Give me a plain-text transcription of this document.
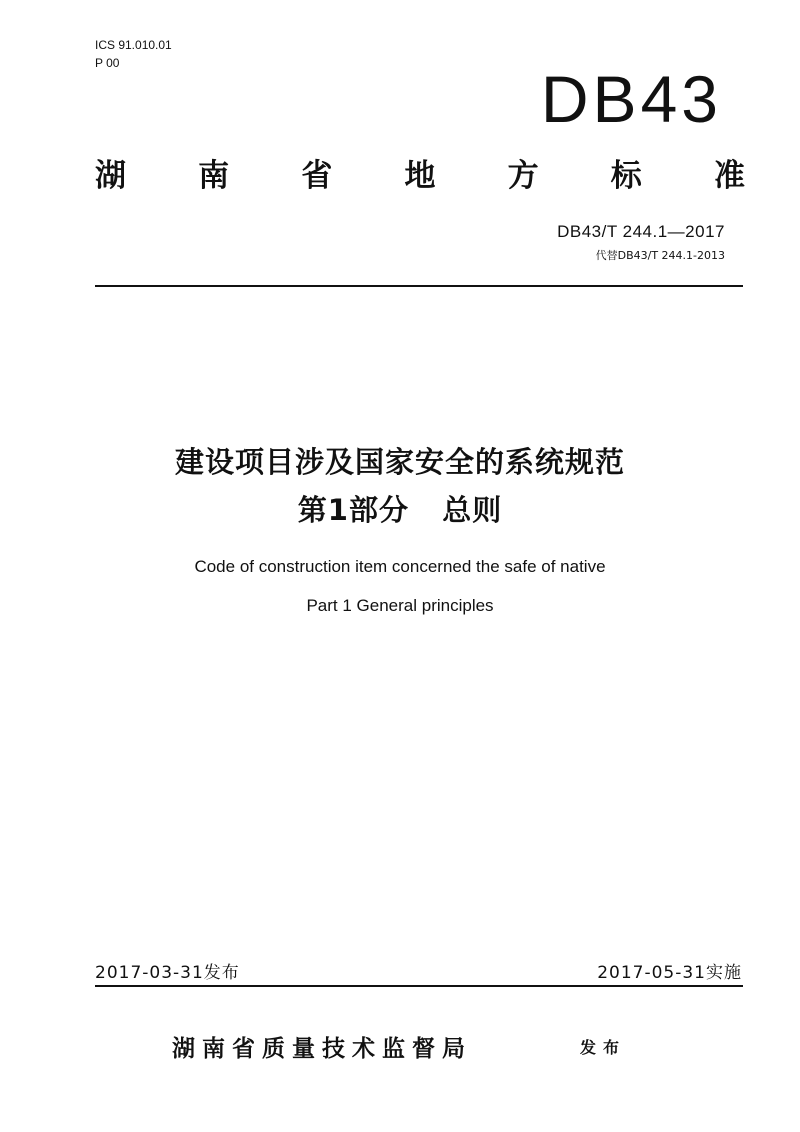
ICS 91.010.01
P 00	DB43
湖 南 省 地 方 标 准
DB43/T 244.1—2017
代替DB43/T 244.1-2013
建设项目涉及国家安全的系统规范
第1部分   总则
Code of construction item concerned the safe of native
Part 1 General principles
2017-03-31发布	2017-05-31实施
湖南省质量技术监督局	发布
